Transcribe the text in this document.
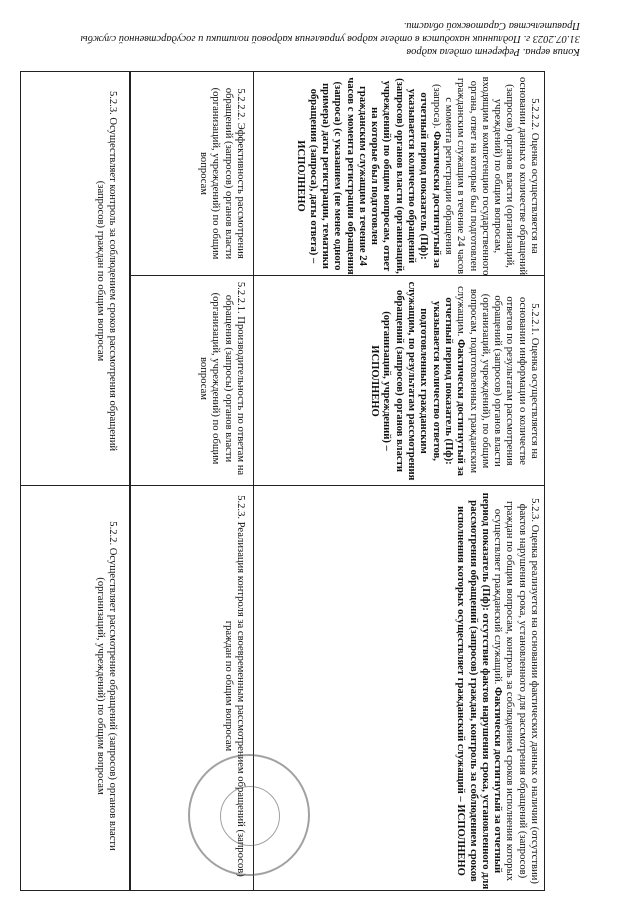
5.2.2. Осуществляет рассмотрение обращений (запросов) органов власти (организаций, учреждений) по общим вопросам
5.2.3. Осуществляет контроль за соблюдением сроков рассмотрения обращений (запросов) граждан по общим вопросам
5.2.2.1. Производительность по ответам на обращения (запросы) органов власти (организаций, учреждений) по общим вопросам
5.2.2.2. Эффективность рассмотрения обращений (запросов) органов власти (организаций, учреждений) по общим вопросам
5.2.3. Реализация контроля за своевременным рассмотрением обращений (запросов) граждан по общим вопросам
5.2.2.1. Оценка осуществляется на основании информации о количестве ответов по результатам рассмотрения обращений (запросов) органов власти (организаций, учреждений), по общим вопросам, подготовленных гражданским служащим. Фактически достигнутый за отчетный период показатель (Пф): указывается количество ответов, подготовленных гражданским служащим, по результатам рассмотрения обращений (запросов) органов власти (организаций, учреждений) – ИСПОЛНЕНО
5.2.2.2. Оценка осуществляется на основании данных о количестве обращений (запросов) органов власти (организаций, учреждений) по общим вопросам, входящим в компетенцию государственного органа, ответ на которые был подготовлен гражданским служащим в течение 24 часов с момента регистрации обращения (запроса). Фактически достигнутый за отчетный период показатель (Пф): указывается количество обращений (запросов) органов власти (организаций, учреждений) по общим вопросам, ответ на которые был подготовлен гражданским служащим в течение 24 часов с момента регистрации обращения (запроса) (с указанием (не менее одного примера) даты регистрации, тематики обращения (запроса), даты ответа) – ИСПОЛНЕНО
5.2.3. Оценка реализуется на основании фактических данных о наличии (отсутствии) фактов нарушения срока, установленного для рассмотрения обращений (запросов) граждан по общим вопросам, контроль за соблюдением сроков исполнения которых осуществляет гражданский служащий. Фактически достигнутый за отчетный период показатель (Пф): отсутствие фактов нарушения срока, установленного для рассмотрения обращений (запросов) граждан, контроль за соблюдением сроков исполнения которых осуществляет гражданский служащий – ИСПОЛНЕНО
Копия верна. Референт отдела кадров
31.07.2023 г. Подлинник находится в отделе кадров управления кадровой политики и государственной службы
Правительства Саратовской области.
